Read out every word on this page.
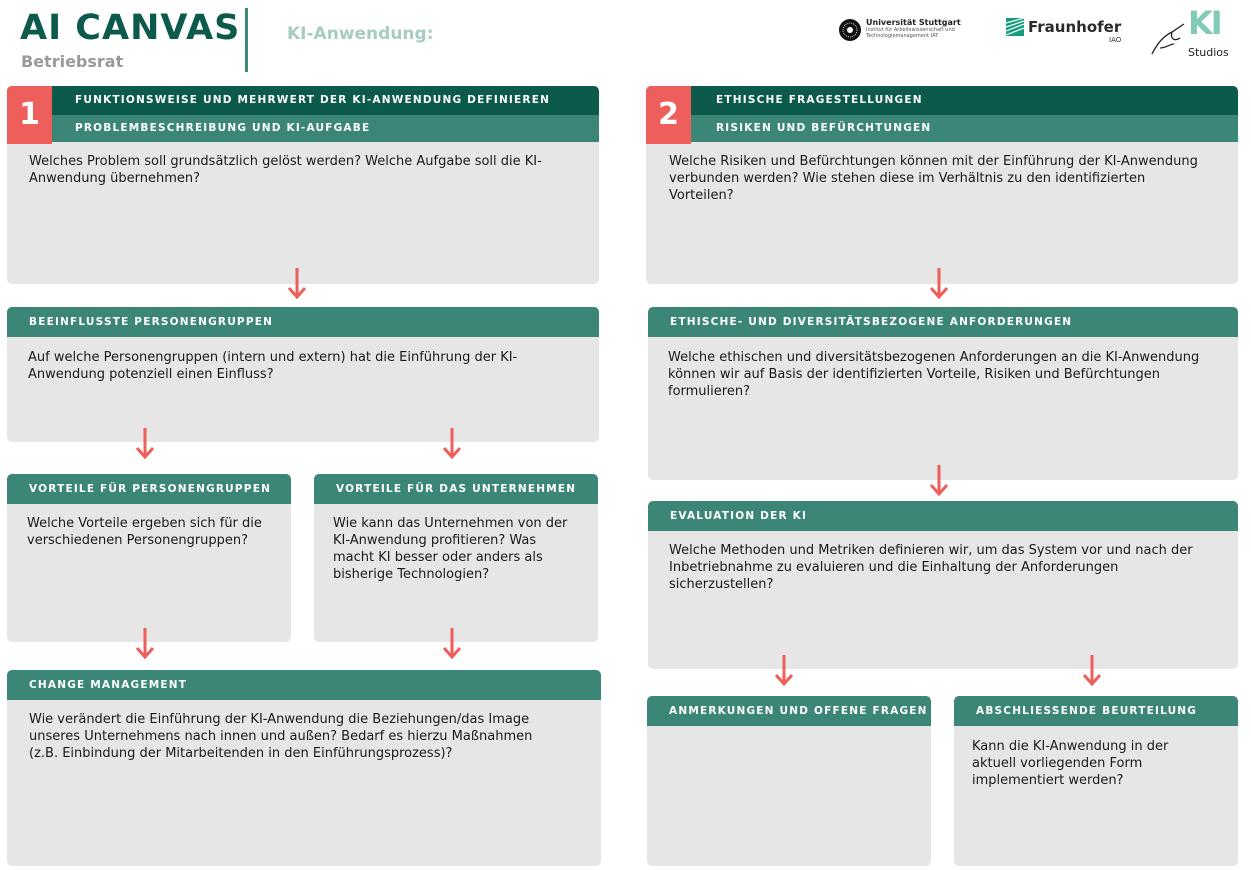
AI CANVAS
Betriebsrat
KI-Anwendung:
Universität Stuttgart
Institut für Arbeitswissenschaft und Technologiemanagement IAT	Fraunhofer
IAO KI
Studios
FUNKTIONSWEISE UND MEHRWERT DER KI-ANWENDUNG DEFINIEREN
PROBLEMBESCHREIBUNG UND KI-AUFGABE
1
Welches Problem soll grundsätzlich gelöst werden? Welche Aufgabe soll die KI-Anwendung übernehmen?
BEEINFLUSSTE PERSONENGRUPPEN
Auf welche Personengruppen (intern und extern) hat die Einführung der KI-Anwendung potenziell einen Einfluss?
VORTEILE FÜR PERSONENGRUPPEN
Welche Vorteile ergeben sich für die verschiedenen Personengruppen?
VORTEILE FÜR DAS UNTERNEHMEN
Wie kann das Unternehmen von der KI-Anwendung profitieren? Was macht KI besser oder anders als bisherige Technologien?
CHANGE MANAGEMENT
Wie verändert die Einführung der KI-Anwendung die Beziehungen/das Image unseres Unternehmens nach innen und außen? Bedarf es hierzu Maßnahmen (z.B. Einbindung der Mitarbeitenden in den Einführungsprozess)?
ETHISCHE FRAGESTELLUNGEN
RISIKEN UND BEFÜRCHTUNGEN
2
Welche Risiken und Befürchtungen können mit der Einführung der KI-Anwendung verbunden werden? Wie stehen diese im Verhältnis zu den identifizierten Vorteilen?
ETHISCHE- UND DIVERSITÄTSBEZOGENE ANFORDERUNGEN
Welche ethischen und diversitätsbezogenen Anforderungen an die KI-Anwendung können wir auf Basis der identifizierten Vorteile, Risiken und Befürchtungen formulieren?
EVALUATION DER KI
Welche Methoden und Metriken definieren wir, um das System vor und nach der Inbetriebnahme zu evaluieren und die Einhaltung der Anforderungen sicherzustellen?
ANMERKUNGEN UND OFFENE FRAGEN	ABSCHLIESSENDE BEURTEILUNG
Kann die KI-Anwendung in der aktuell vorliegenden Form implementiert werden?
